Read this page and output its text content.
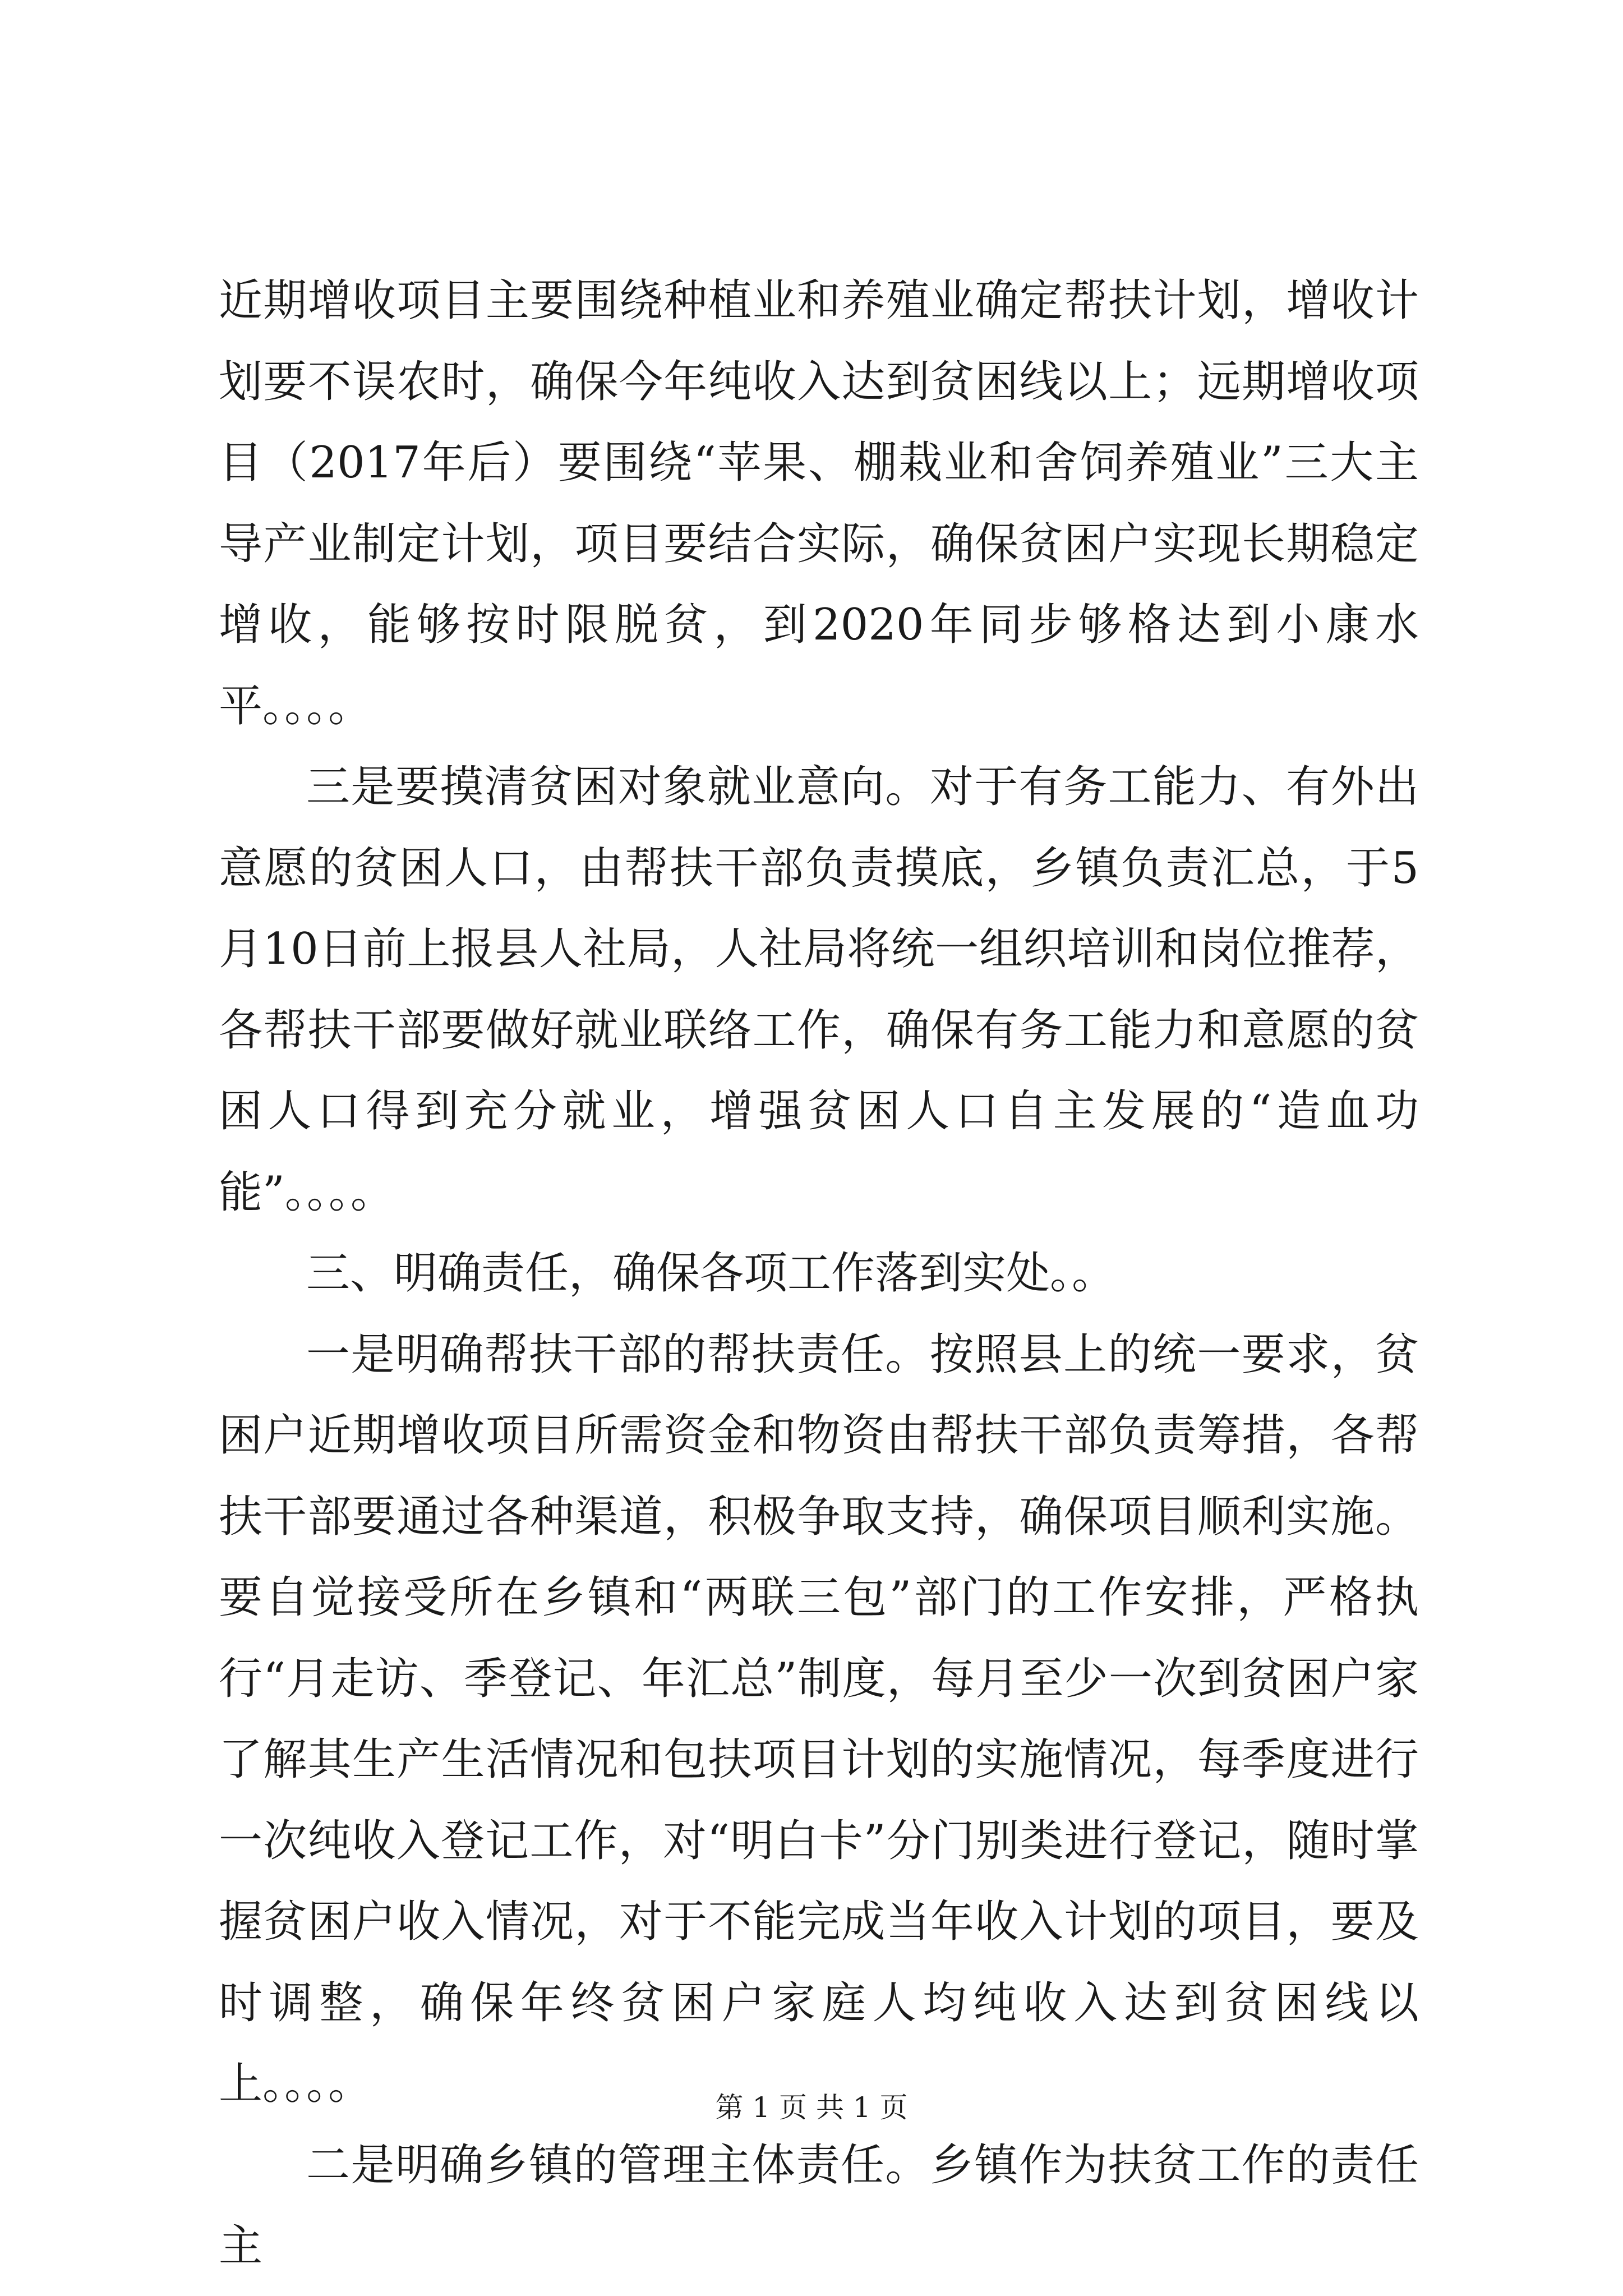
近期增收项目主要围绕种植业和养殖业确定帮扶计划，增收计划要不误农时，确保今年纯收入达到贫困线以上；远期增收项目（2017年后）要围绕“苹果、棚栽业和舍饲养殖业”三大主导产业制定计划，项目要结合实际，确保贫困户实现长期稳定增收，能够按时限脱贫，到2020年同步够格达到小康水平。。。。

三是要摸清贫困对象就业意向。对于有务工能力、有外出意愿的贫困人口，由帮扶干部负责摸底，乡镇负责汇总，于5月10日前上报县人社局，人社局将统一组织培训和岗位推荐，各帮扶干部要做好就业联络工作，确保有务工能力和意愿的贫困人口得到充分就业，增强贫困人口自主发展的“造血功能”。。。。

三、明确责任，确保各项工作落到实处。。

一是明确帮扶干部的帮扶责任。按照县上的统一要求，贫困户近期增收项目所需资金和物资由帮扶干部负责筹措，各帮扶干部要通过各种渠道，积极争取支持，确保项目顺利实施。要自觉接受所在乡镇和“两联三包”部门的工作安排，严格执行“月走访、季登记、年汇总”制度，每月至少一次到贫困户家了解其生产生活情况和包扶项目计划的实施情况，每季度进行一次纯收入登记工作，对“明白卡”分门别类进行登记，随时掌握贫困户收入情况，对于不能完成当年收入计划的项目，要及时调整，确保年终贫困户家庭人均纯收入达到贫困线以上。。。。

二是明确乡镇的管理主体责任。乡镇作为扶贫工作的责任主

第 1 页 共 1 页
